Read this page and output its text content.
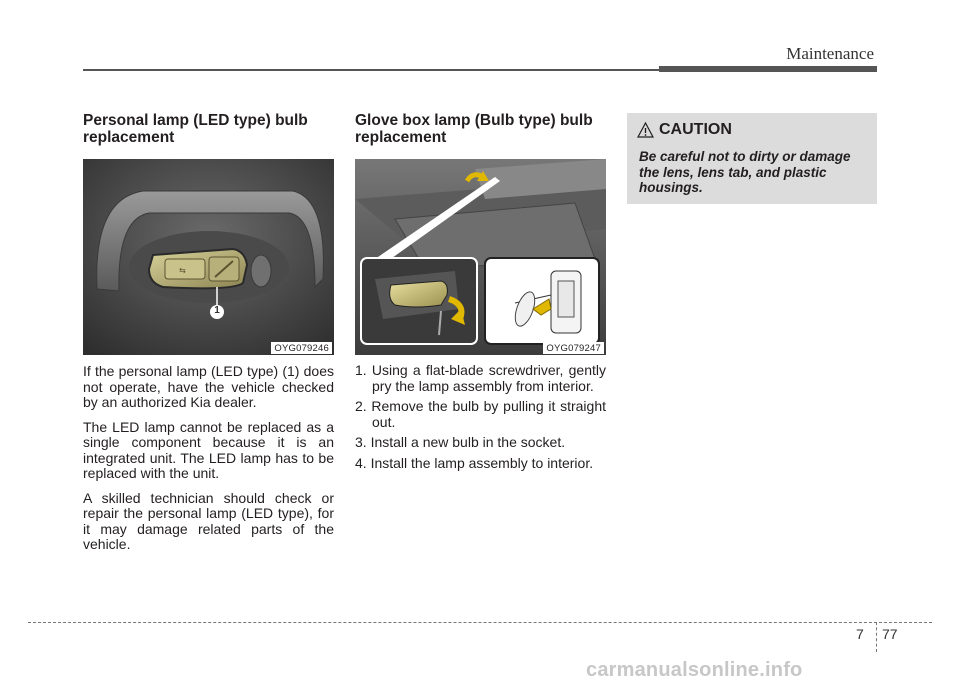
Maintenance
Personal lamp (LED type) bulb replacement
⇆
1
OYG079246

If the personal lamp (LED type) (1) does not operate, have the vehicle checked by an authorized Kia dealer.

The LED lamp cannot be replaced as a single component because it is an integrated unit. The LED lamp has to be replaced with the unit.

A skilled technician should check or repair the personal lamp (LED type), for it may damage related parts of the vehicle.

Glove box lamp (Bulb type) bulb replacement
OYG079247
1. Using a flat-blade screwdriver, gently pry the lamp assembly from interior.
2. Remove the bulb by pulling it straight out.
3. Install a new bulb in the socket.
4. Install the lamp assembly to interior.
CAUTION
Be careful not to dirty or damage the lens, lens tab, and plastic housings.
7 77
carmanualsonline.info
